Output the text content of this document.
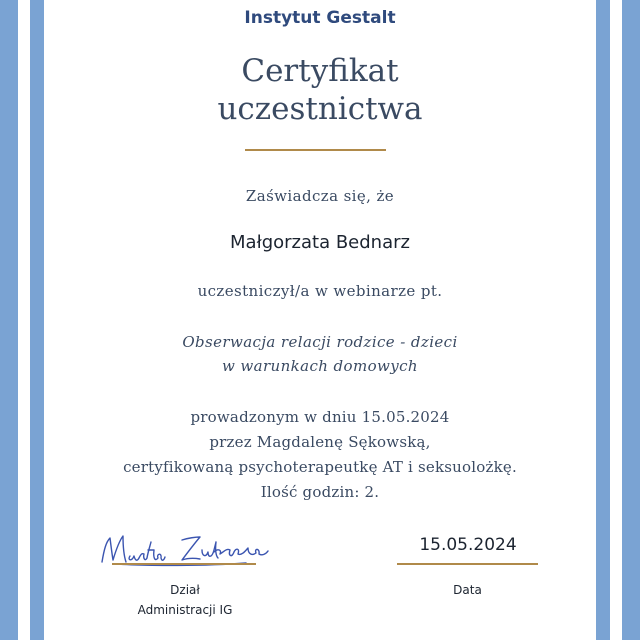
Instytut Gestalt
Certyfikat
uczestnictwa
Zaświadcza się, że
Małgorzata Bednarz
uczestniczył/a w webinarze pt.
Obserwacja relacji rodzice - dzieci
w warunkach domowych
prowadzonym w dniu 15.05.2024
przez Magdalenę Sękowską,
certyfikowaną psychoterapeutkę AT i seksuolożkę.
Ilość godzin: 2.
Dział
Administracji IG
15.05.2024
Data
